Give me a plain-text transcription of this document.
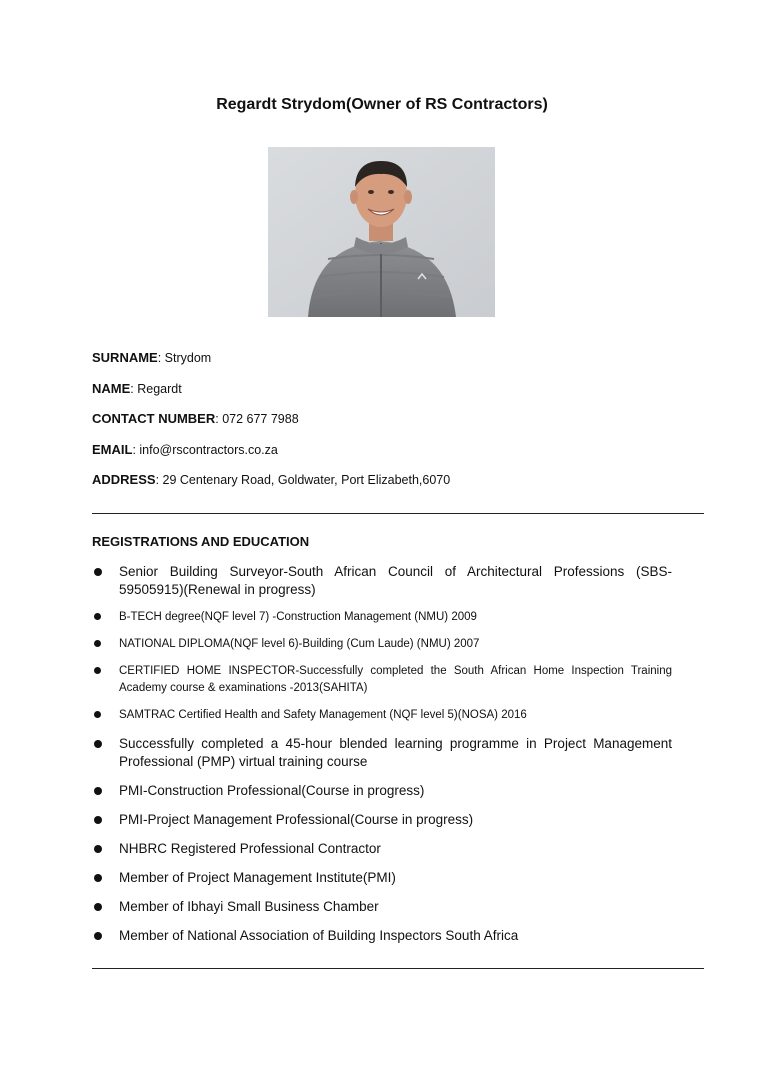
Regardt Strydom(Owner of RS Contractors)
SURNAME: Strydom
NAME: Regardt
CONTACT NUMBER: 072 677 7988
EMAIL: info@rscontractors.co.za
ADDRESS: 29 Centenary Road, Goldwater, Port Elizabeth,6070
REGISTRATIONS AND EDUCATION
Senior Building Surveyor-South African Council of Architectural Professions (SBS-59505915)(Renewal in progress)
B-TECH degree(NQF level 7) -Construction Management (NMU) 2009
NATIONAL DIPLOMA(NQF level 6)-Building (Cum Laude) (NMU) 2007
CERTIFIED HOME INSPECTOR-Successfully completed the South African Home Inspection Training Academy course & examinations -2013(SAHITA)
SAMTRAC Certified Health and Safety Management (NQF level 5)(NOSA) 2016
Successfully completed a 45-hour blended learning programme in Project Management Professional (PMP) virtual training course
PMI-Construction Professional(Course in progress)
PMI-Project Management Professional(Course in progress)
NHBRC Registered Professional Contractor
Member of Project Management Institute(PMI)
Member of Ibhayi Small Business Chamber
Member of National Association of Building Inspectors South Africa
